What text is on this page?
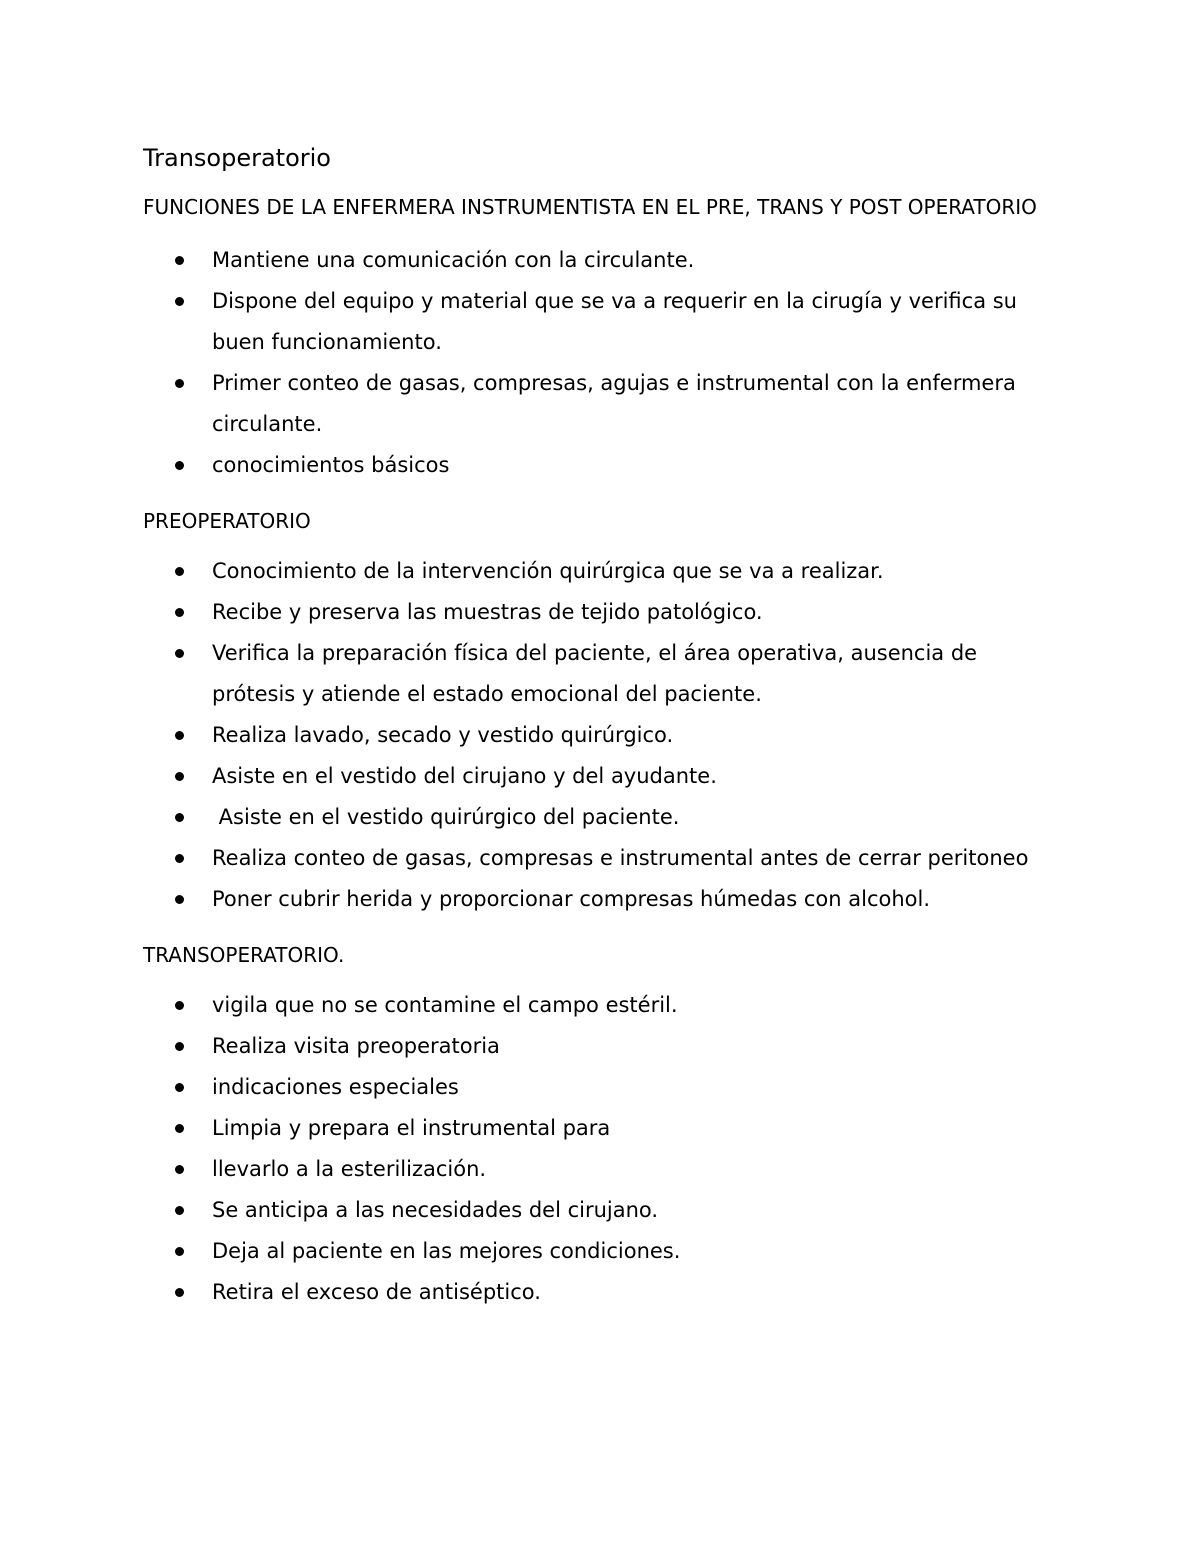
Transoperatorio
FUNCIONES DE LA ENFERMERA INSTRUMENTISTA EN EL PRE, TRANS Y POST OPERATORIO
Mantiene una comunicación con la circulante.
Dispone del equipo y material que se va a requerir en la cirugía y verifica su buen funcionamiento.
Primer conteo de gasas, compresas, agujas e instrumental con la enfermera circulante.
conocimientos básicos
PREOPERATORIO
Conocimiento de la intervención quirúrgica que se va a realizar.
Recibe y preserva las muestras de tejido patológico.
Verifica la preparación física del paciente, el área operativa, ausencia de prótesis y atiende el estado emocional del paciente.
Realiza lavado, secado y vestido quirúrgico.
Asiste en el vestido del cirujano y del ayudante.
Asiste en el vestido quirúrgico del paciente.
Realiza conteo de gasas, compresas e instrumental antes de cerrar peritoneo
Poner cubrir herida y proporcionar compresas húmedas con alcohol.
TRANSOPERATORIO.
vigila que no se contamine el campo estéril.
Realiza visita preoperatoria
indicaciones especiales
Limpia y prepara el instrumental para
llevarlo a la esterilización.
Se anticipa a las necesidades del cirujano.
Deja al paciente en las mejores condiciones.
Retira el exceso de antiséptico.
